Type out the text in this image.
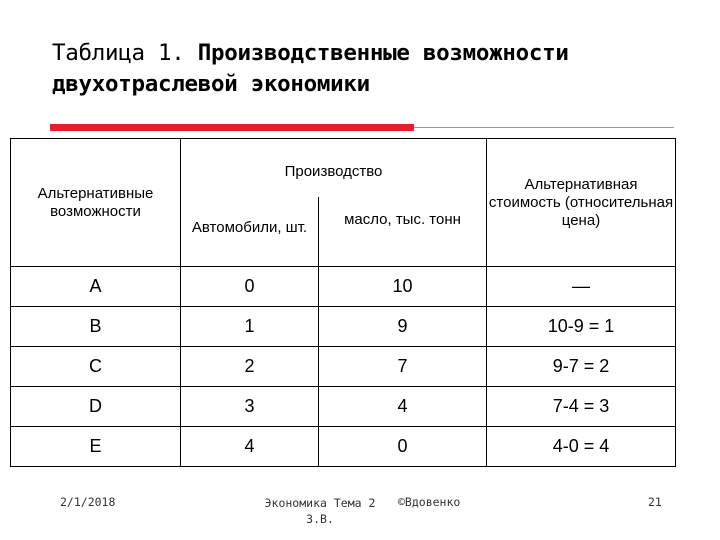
Таблица 1. Производственные возможности
двухотраслевой экономики
Альтернативные возможности	Производство		Альтернативная стоимость (относительная цена)
	Автомобили, шт.	масло, тыс. тонн	
A	0	10	—
B	1	9	10-9 = 1
C	2	7	9-7 = 2
D	3	4	7-4 = 3
E	4	0	4-0 = 4
2/1/2018	Экономика Тема 2
З.В.
©Вдовенко	21
